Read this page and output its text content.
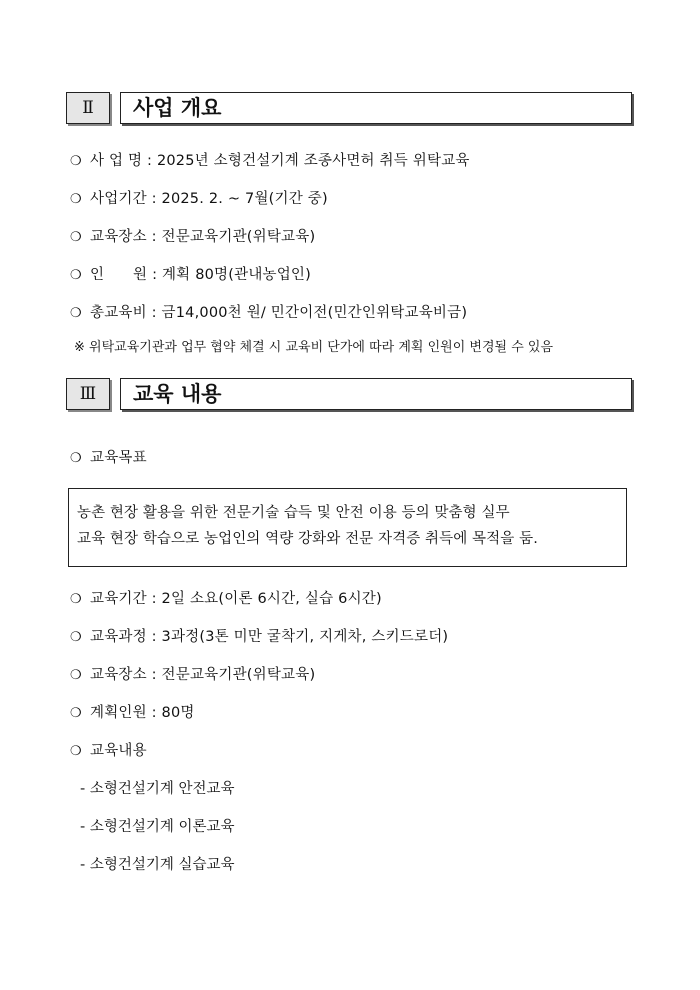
Ⅱ	사업 개요
❍ 사 업 명 : 2025년 소형건설기계 조종사면허 취득 위탁교육
❍ 사업기간 : 2025. 2. ~ 7월(기간 중)
❍ 교육장소 : 전문교육기관(위탁교육)
❍ 인      원 : 계획 80명(관내농업인)
❍ 총교육비 : 금14,000천 원/ 민간이전(민간인위탁교육비금)
※ 위탁교육기관과 업무 협약 체결 시 교육비 단가에 따라 계획 인원이 변경될 수 있음
Ⅲ	교육 내용
❍ 교육목표
농촌 현장 활용을 위한 전문기술 습득 및 안전 이용 등의 맞춤형 실무
교육 현장 학습으로 농업인의 역량 강화와 전문 자격증 취득에 목적을 둠.
❍ 교육기간 : 2일 소요(이론 6시간, 실습 6시간)
❍ 교육과정 : 3과정(3톤 미만 굴착기, 지게차, 스키드로더)
❍ 교육장소 : 전문교육기관(위탁교육)
❍ 계획인원 : 80명
❍ 교육내용
- 소형건설기계 안전교육
- 소형건설기계 이론교육
- 소형건설기계 실습교육
